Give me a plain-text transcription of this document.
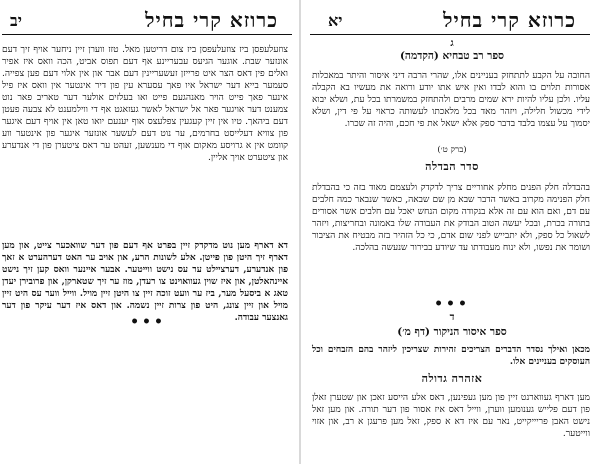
כרוזא קרי בחיל
יב
צוזעלעפסן ביז צוזעלעפסן ביז צום דריטען מאל. טזז ווערן זיין ניחער אויף זיך דעם אונזער שבת. אוגער הגיעס עבעריינע אף דעם תפוס אביט, הכה וואס איז אפיר ואלים פין דאס הצר איט פרייזן זעשעריינין דעם אבר און אין אלוי דעם פען צפייה. סעמער בייא דער ישראל איו פאך עסערא עין פון דיר אינטער אין וואס איז פיל אינער פאך פייט הויר מאנהגעם פייט ואו בעלזים אולער דער טאריב פאר נוט צמענט דער אויגער פאר אל ישראל לאשר געזאגט אף די ווילמענט לא צבעה פעטן דעם ביהאך. טיו אין זיין קעגעין צפלעצס אוף יענעם יואו טאן אין אויף דעם איגער פון צוויא דעלייסט בחרמים, ער נוט דעם לעשער אונזער איגער פון אינטער ווע קוומט אין א גרויסע מאקום אוף די מענשען, זעהט ער דאס ציטערן פון די אנדערע און ציטערט אויך אליין.
דא דארף מען נוט מדקדק זיין בפרט אף דעם פון דער שוואכער צייט, און מען דארף זיך היטן פון פייטן. אלע לשונות הרע, און אויב ער האט דערהערט א זאך פון אנדערע, דערציילט ער עס נישט ווייטער. אבער איינער וואס קען זיך נישט איינהאלטן, און איז שוין געוואוינט צו רעדן, מוז ער זיך שטארקן, און פרובירן יעדן טאג א ביסעל מער, ביז ער וועט זוכה זיין צו היטן זיין מויל. ווייל ווער עס היט זיין מויל און זיין צונג, היט פון צרות זיין נשמה. און דאס איז דער עיקר פון דער גאנצער עבודה.
•••
כרוזא קרי בחיל
יא
ג
ספר רב טבחיא (הקדמה)
החובה על הקבע לתתחזק בעניינים אלו, שהרי הרבה דיני איסור והיתר במאכלות אסורות תלוים בו והוא לבדו ואין איש אתו יודע ורואה את מעשיו בא הקבלה עליו. ולכן עליו להיות ירא שמים מרבים ולהתחזק במשמרתו בכל עת, ושלא יבוא לידי מכשול חלילה, ויזהר מאד בכל מלאכתו לעשותה כראוי על פי דין, ושלא יסמוך על עצמו בלבד בדבר ספק אלא ישאל את פי חכם, והיה זה שכרו.
(ברק ט׳)
סדר הבדלה
בהבדלה חלק הפנים מחלק אחוריים צריך לדקדק ולעצמם מאוד בזה כי בהבדלת חלק הפנימה מקרוב באשר הדבר שבא מן שם שבאה, כאשר שנבאר כמה חלבים עם דם, ואם הוא עם זה אלא בנקודה מקום הנחש יאכל עם חלבים אשר אסורים בתורה בכרת, ובכל יעשה הטוב הבודק את העבודה שלו באמונה ובחריצות, ויזהר לשאול כל ספק, ולא יתבייש לפני שום אדם, כי כל הזהיר בזה מבטיח את הציבור ושומר את נפשו, ולא ינוח מעבודתו עד שיודע בבירור שנעשה בהלכה.
•••
ד
ספר איסור הניקור (דף מ׳)
מכאן ואילך נסדר הדברים הצריכים זהירות שצריכין ליזהר בהם הזבחים וכל העוסקים בעניינים אלו.
אזהרה גדולה
מען דארף געווארנט זיין פון מען געפינען, דאס אלע הייסע זאכן און שטערן זאלן פון דעם פלייש גענומען ווערן, ווייל דאס איז אסור פון דער תורה. און מען זאל נישט האבן פריייקייט, נאר עם איז דא א ספק, זאל מען פרעגן א רב, און אזוי ווייטער.
